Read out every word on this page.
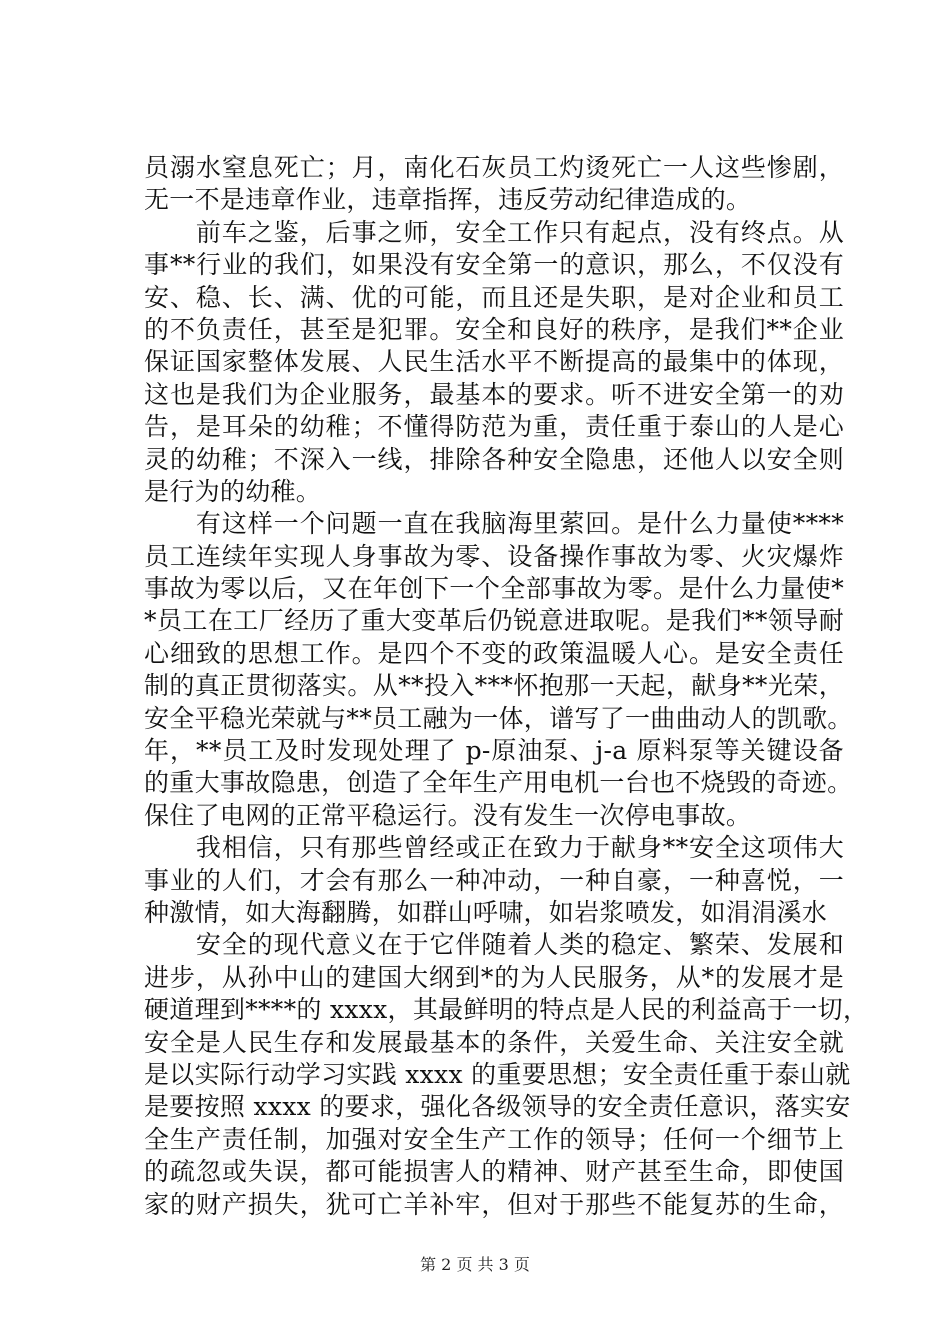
员溺水窒息死亡；月，南化石灰员工灼烫死亡一人这些惨剧，
无一不是违章作业，违章指挥，违反劳动纪律造成的。
　　前车之鉴，后事之师，安全工作只有起点，没有终点。从
事**行业的我们，如果没有安全第一的意识，那么，不仅没有
安、稳、长、满、优的可能，而且还是失职，是对企业和员工
的不负责任，甚至是犯罪。安全和良好的秩序，是我们**企业
保证国家整体发展、人民生活水平不断提高的最集中的体现，
这也是我们为企业服务，最基本的要求。听不进安全第一的劝
告，是耳朵的幼稚；不懂得防范为重，责任重于泰山的人是心
灵的幼稚；不深入一线，排除各种安全隐患，还他人以安全则
是行为的幼稚。
　　有这样一个问题一直在我脑海里萦回。是什么力量使****
员工连续年实现人身事故为零、设备操作事故为零、火灾爆炸
事故为零以后，又在年创下一个全部事故为零。是什么力量使*
*员工在工厂经历了重大变革后仍锐意进取呢。是我们**领导耐
心细致的思想工作。是四个不变的政策温暖人心。是安全责任
制的真正贯彻落实。从**投入***怀抱那一天起，献身**光荣，
安全平稳光荣就与**员工融为一体，谱写了一曲曲动人的凯歌。
年，**员工及时发现处理了 p-原油泵、j-a 原料泵等关键设备
的重大事故隐患，创造了全年生产用电机一台也不烧毁的奇迹。
保住了电网的正常平稳运行。没有发生一次停电事故。
　　我相信，只有那些曾经或正在致力于献身**安全这项伟大
事业的人们，才会有那么一种冲动，一种自豪，一种喜悦，一
种激情，如大海翻腾，如群山呼啸，如岩浆喷发，如涓涓溪水
　　安全的现代意义在于它伴随着人类的稳定、繁荣、发展和
进步，从孙中山的建国大纲到*的为人民服务，从*的发展才是
硬道理到****的 xxxx，其最鲜明的特点是人民的利益高于一切，
安全是人民生存和发展最基本的条件，关爱生命、关注安全就
是以实际行动学习实践 xxxx 的重要思想；安全责任重于泰山就
是要按照 xxxx 的要求，强化各级领导的安全责任意识，落实安
全生产责任制，加强对安全生产工作的领导；任何一个细节上
的疏忽或失误，都可能损害人的精神、财产甚至生命，即使国
家的财产损失，犹可亡羊补牢，但对于那些不能复苏的生命，
第 2 页 共 3 页
